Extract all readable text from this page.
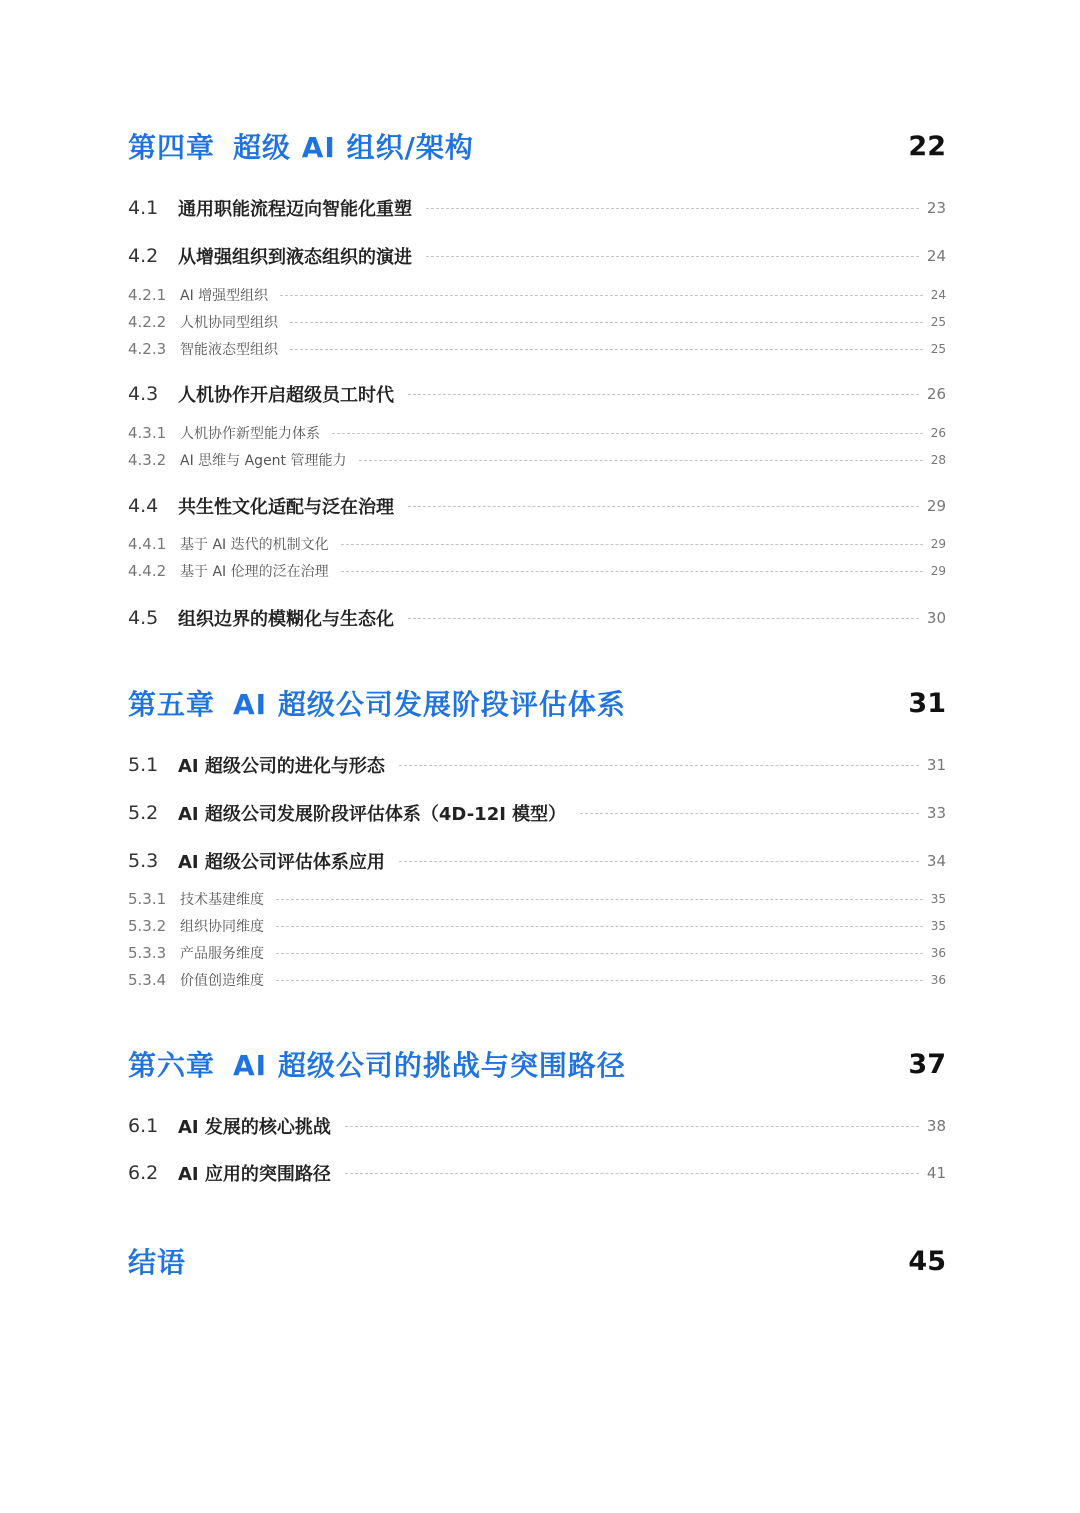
第四章 超级 AI 组织/架构	22
4.1	通用职能流程迈向智能化重塑	23
4.2	从增强组织到液态组织的演进	24
4.2.1 AI 增强型组织	24
4.2.2 人机协同型组织	25
4.2.3 智能液态型组织	25
4.3	人机协作开启超级员工时代	26
4.3.1 人机协作新型能力体系	26
4.3.2 AI 思维与 Agent 管理能力	28
4.4	共生性文化适配与泛在治理	29
4.4.1 基于 AI 迭代的机制文化	29
4.4.2 基于 AI 伦理的泛在治理	29
4.5	组织边界的模糊化与生态化	30
第五章 AI 超级公司发展阶段评估体系	31
5.1	AI 超级公司的进化与形态	31
5.2	AI 超级公司发展阶段评估体系（4D-12I 模型）	33
5.3	AI 超级公司评估体系应用	34
5.3.1 技术基建维度	35
5.3.2 组织协同维度	35
5.3.3 产品服务维度	36
5.3.4 价值创造维度	36
第六章 AI 超级公司的挑战与突围路径	37
6.1	AI 发展的核心挑战	38
6.2	AI 应用的突围路径	41
结语	45
